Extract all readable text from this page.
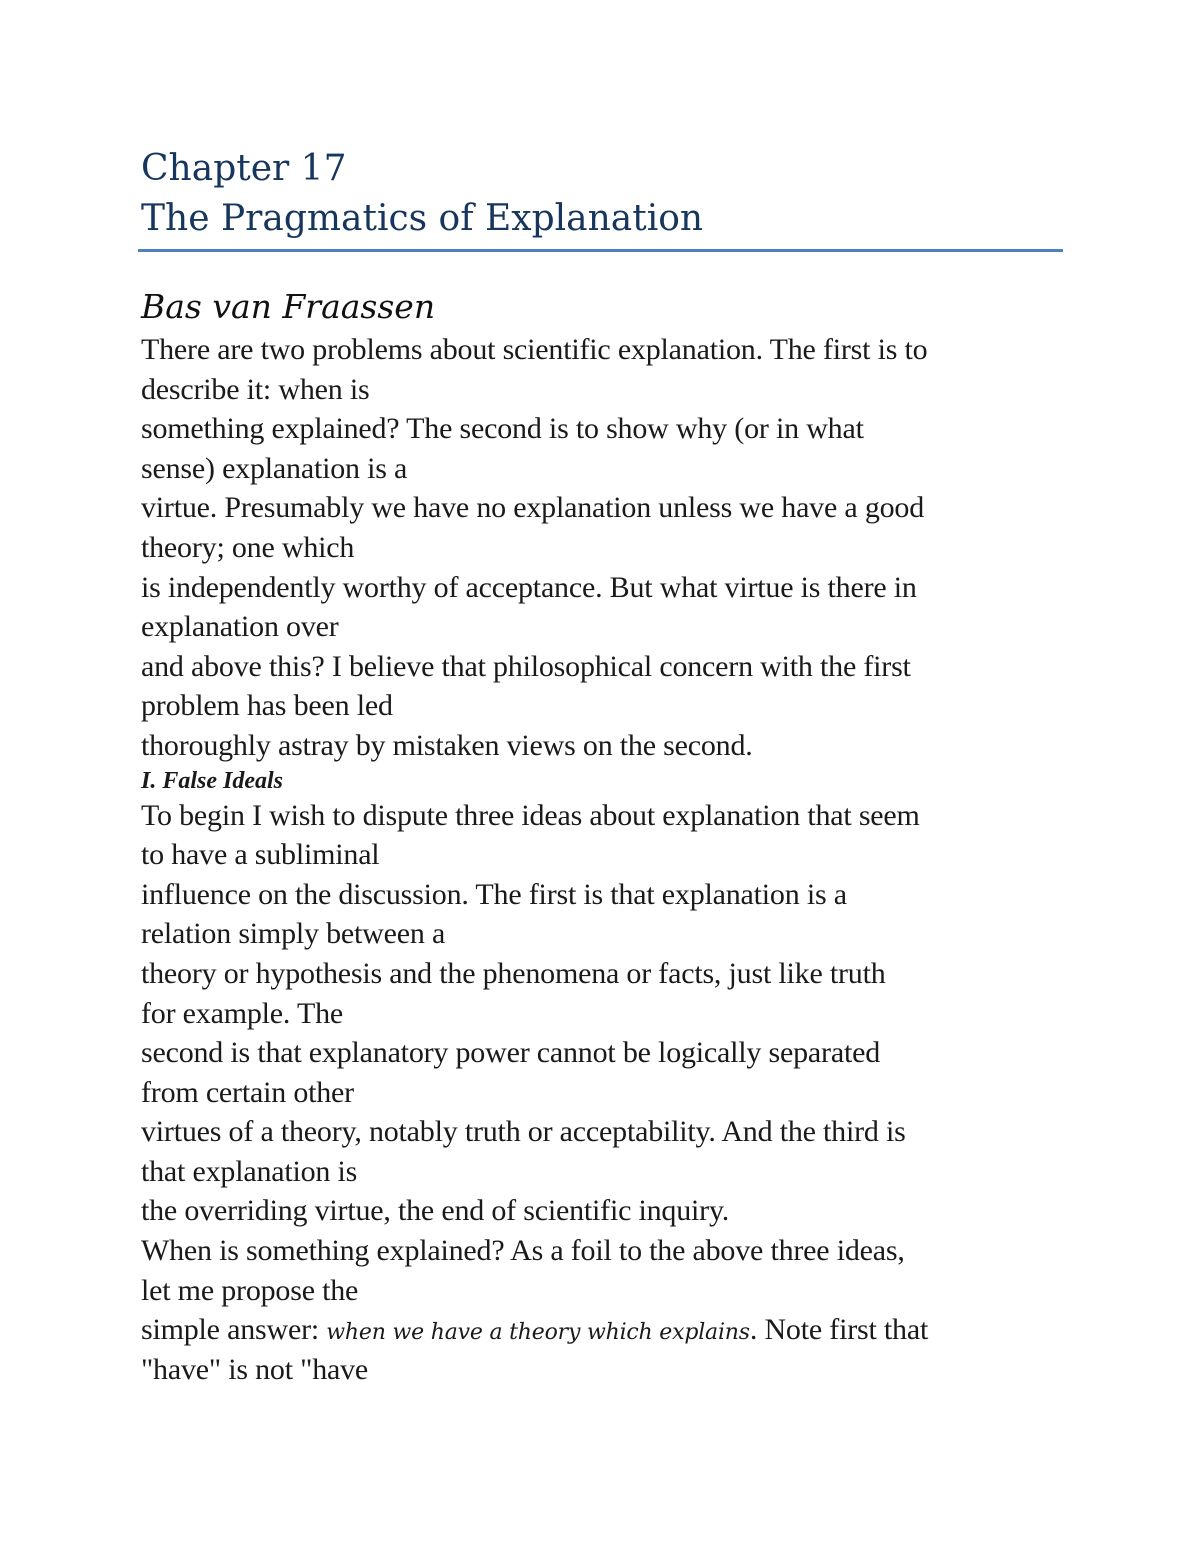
Chapter 17

The Pragmatics of Explanation

Bas van Fraassen

There are two problems about scientific explanation. The first is to

describe it: when is

something explained? The second is to show why (or in what

sense) explanation is a

virtue. Presumably we have no explanation unless we have a good

theory; one which

is independently worthy of acceptance. But what virtue is there in

explanation over

and above this? I believe that philosophical concern with the first

problem has been led

thoroughly astray by mistaken views on the second.

I. False Ideals

To begin I wish to dispute three ideas about explanation that seem

to have a subliminal

influence on the discussion. The first is that explanation is a

relation simply between a

theory or hypothesis and the phenomena or facts, just like truth

for example. The

second is that explanatory power cannot be logically separated

from certain other

virtues of a theory, notably truth or acceptability. And the third is

that explanation is

the overriding virtue, the end of scientific inquiry.

When is something explained? As a foil to the above three ideas,

let me propose the

simple answer: when we have a theory which explains. Note first that

"have" is not "have
